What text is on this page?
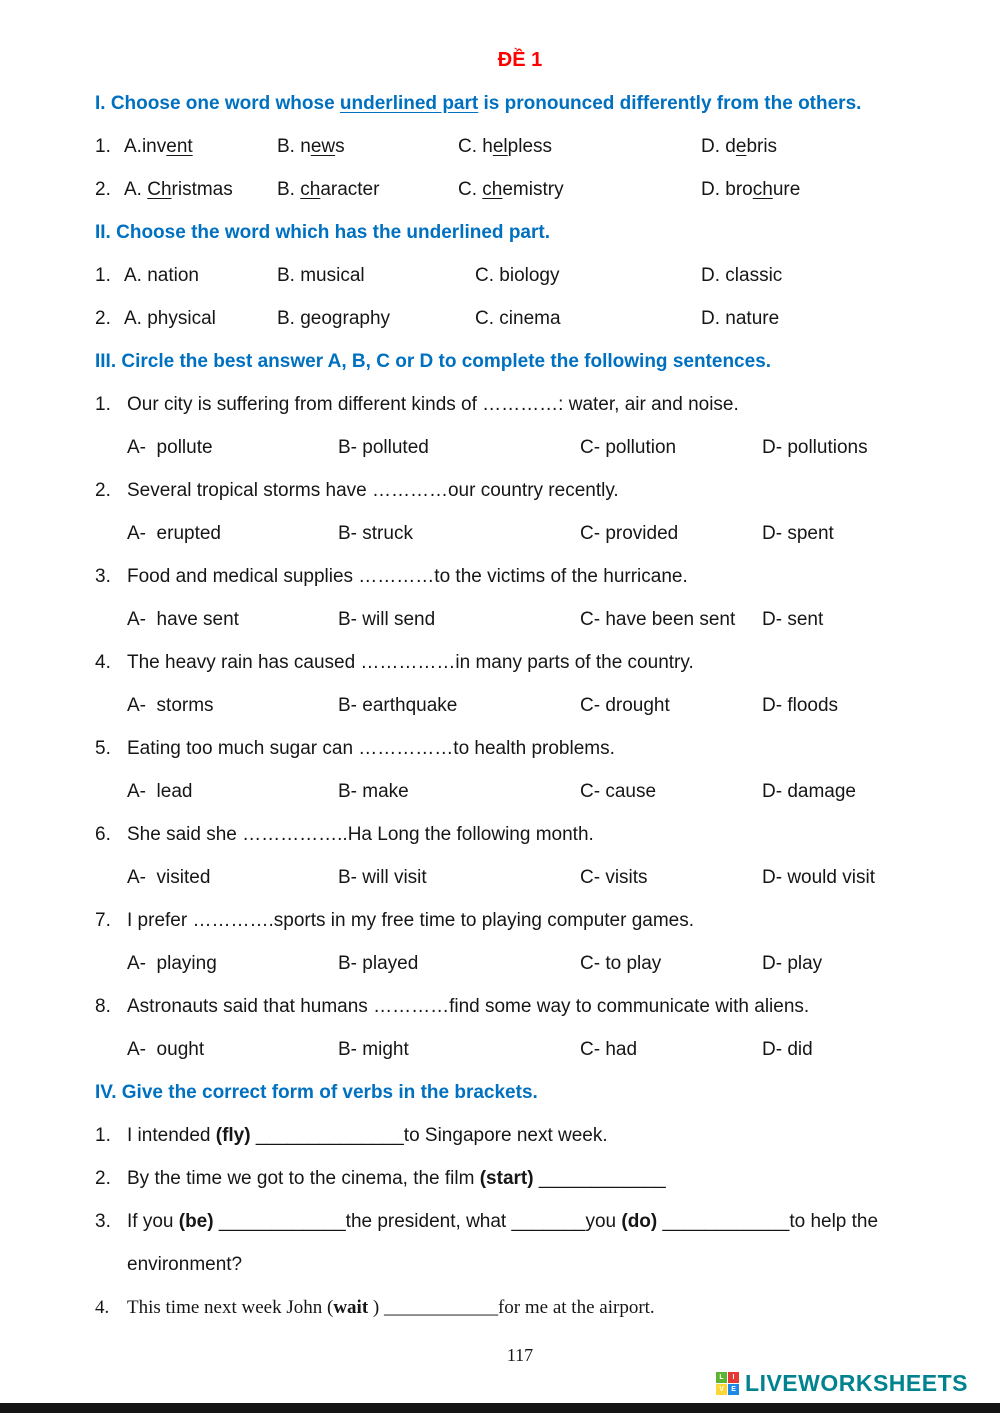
ĐỀ 1
I. Choose one word whose underlined part is pronounced differently from the others.
1. A.invent	B. news	C. helpless	D. debris
2. A. Christmas	B. character	C. chemistry	D. brochure
II. Choose the word which has the underlined part.
1. A. nation	B. musical	C. biology	D. classic
2. A. physical	B. geography	C. cinema	D. nature
III. Circle the best answer A, B, C or D to complete the following sentences.
1. Our city is suffering from different kinds of …………: water, air and noise.
A-  pollute	B- polluted	C- pollution	D- pollutions
2. Several tropical storms have …………our country recently.
A-  erupted	B- struck	C- provided	D- spent
3. Food and medical supplies …………to the victims of the hurricane.
A-  have sent	B- will send	C- have been sent	D- sent
4. The heavy rain has caused ……………in many parts of the country.
A-  storms	B- earthquake	C- drought	D- floods
5. Eating too much sugar can ……………to health problems.
A-  lead	B- make	C- cause	D- damage
6. She said she ……………..Ha Long the following month.
A-  visited	B- will visit	C- visits	D- would visit
7. I prefer ………….sports in my free time to playing computer games.
A-  playing	B- played	C- to play	D- play
8. Astronauts said that humans …………find some way to communicate with aliens.
A-  ought	B- might	C- had	D- did
IV. Give the correct form of verbs in the brackets.
1. I intended (fly) ______________to Singapore next week.
2. By the time we got to the cinema, the film (start) ____________
3. If you (be) ____________the president, what _______you (do) ____________to help the environment?
4. This time next week John (wait ) ____________for me at the airport.
117
L	I
V	E LIVEWORKSHEETS
